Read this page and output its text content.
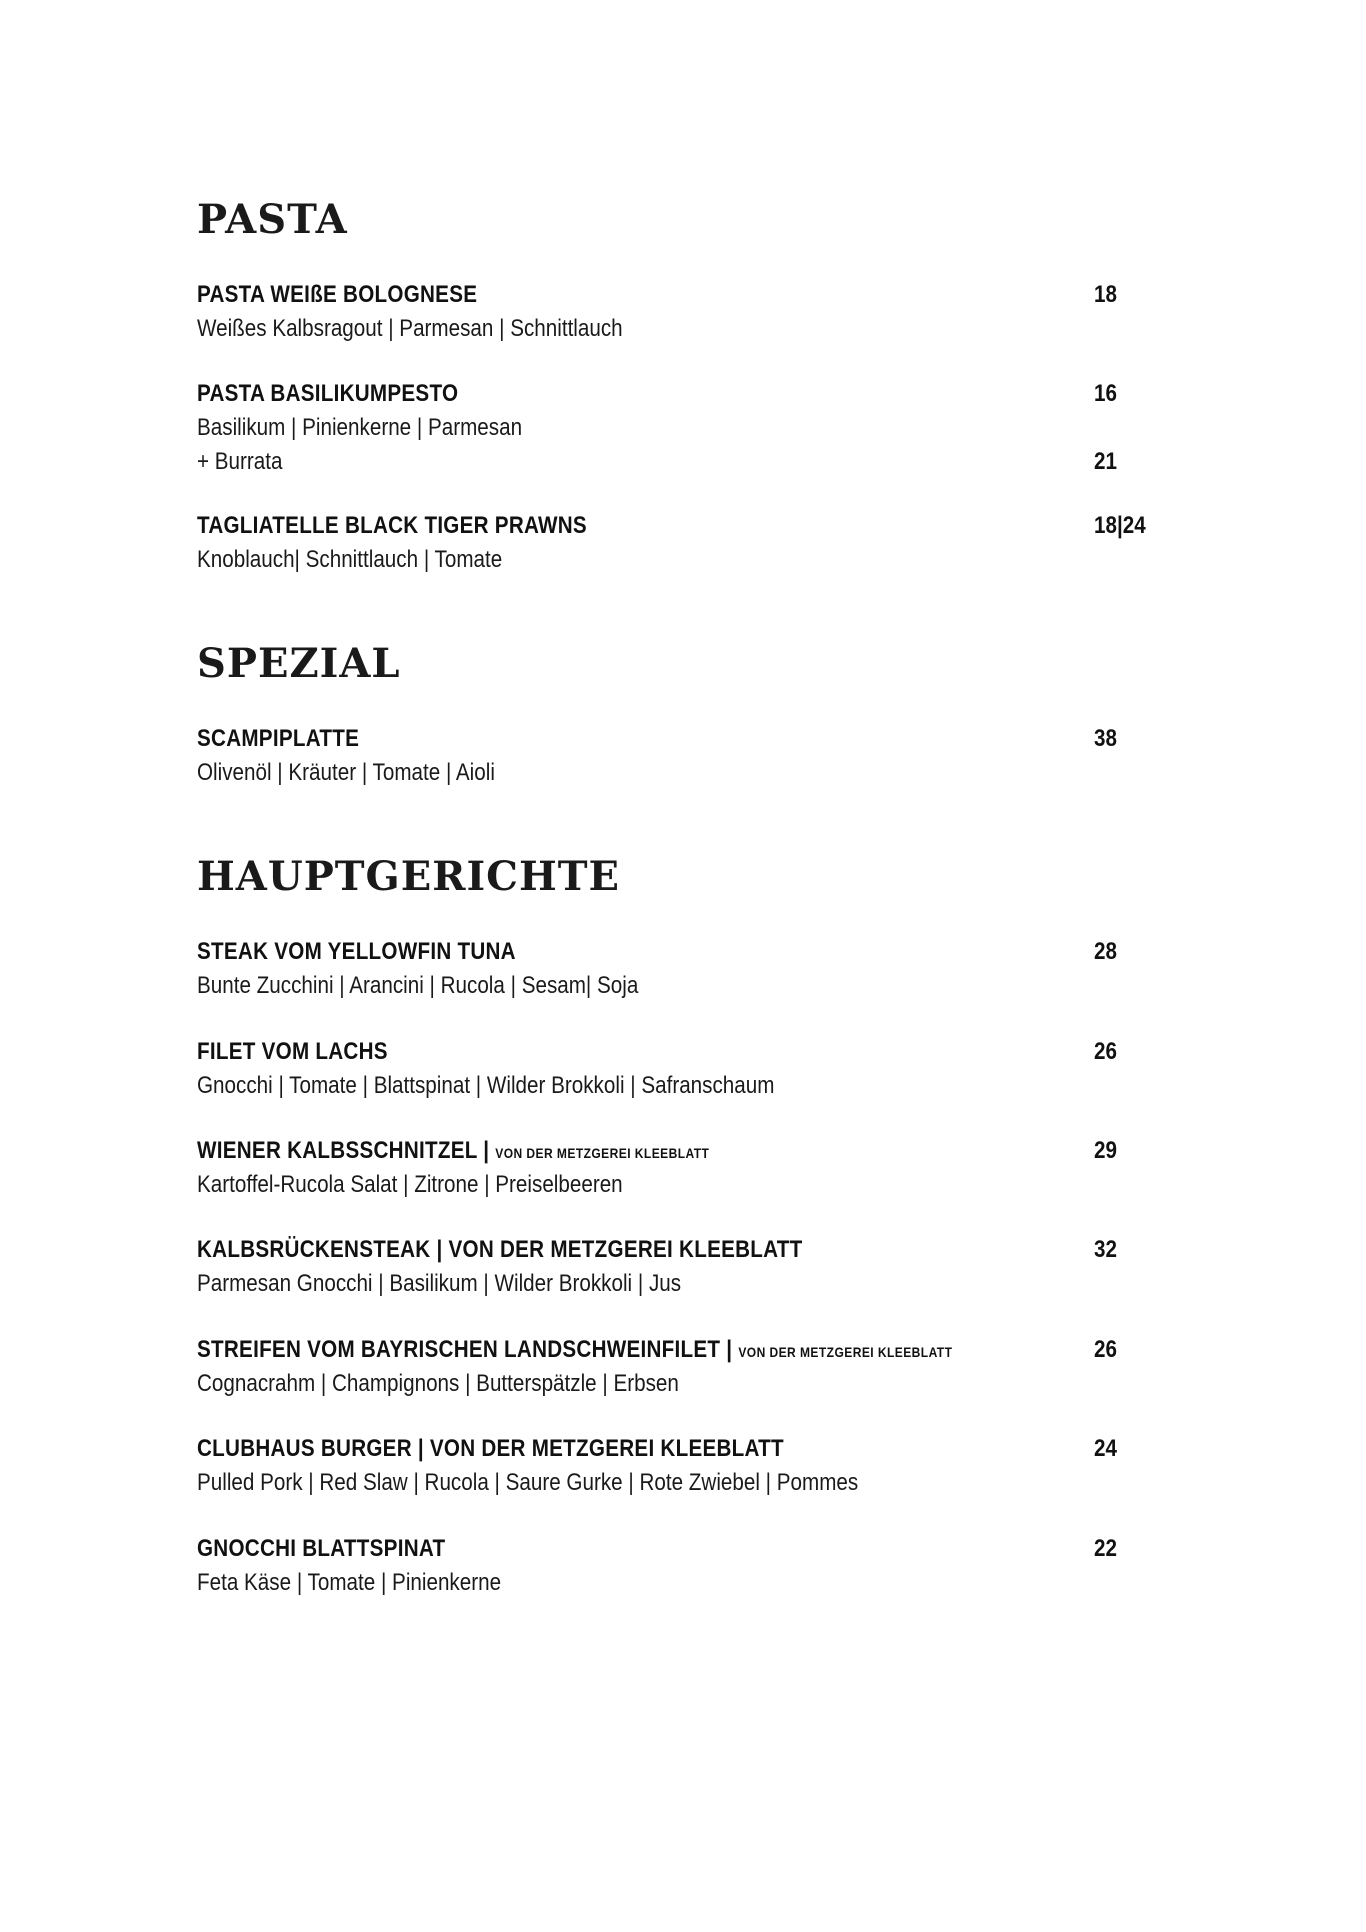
PASTA
PASTA WEIßE BOLOGNESE	18
Weißes Kalbsragout | Parmesan | Schnittlauch
PASTA BASILIKUMPESTO	16
Basilikum | Pinienkerne | Parmesan
+ Burrata	21
TAGLIATELLE BLACK TIGER PRAWNS	18|24
Knoblauch| Schnittlauch | Tomate
SPEZIAL
SCAMPIPLATTE	38
Olivenöl | Kräuter | Tomate | Aioli
HAUPTGERICHTE
STEAK VOM YELLOWFIN TUNA	28
Bunte Zucchini | Arancini | Rucola | Sesam| Soja
FILET VOM LACHS	26
Gnocchi | Tomate | Blattspinat | Wilder Brokkoli | Safranschaum
WIENER KALBSSCHNITZEL | VON DER METZGEREI KLEEBLATT	29
Kartoffel-Rucola Salat | Zitrone | Preiselbeeren
KALBSRÜCKENSTEAK | VON DER METZGEREI KLEEBLATT	32
Parmesan Gnocchi | Basilikum | Wilder Brokkoli | Jus
STREIFEN VOM BAYRISCHEN LANDSCHWEINFILET | VON DER METZGEREI KLEEBLATT	26
Cognacrahm | Champignons | Butterspätzle | Erbsen
CLUBHAUS BURGER | VON DER METZGEREI KLEEBLATT	24
Pulled Pork | Red Slaw | Rucola | Saure Gurke | Rote Zwiebel | Pommes
GNOCCHI BLATTSPINAT	22
Feta Käse | Tomate | Pinienkerne
